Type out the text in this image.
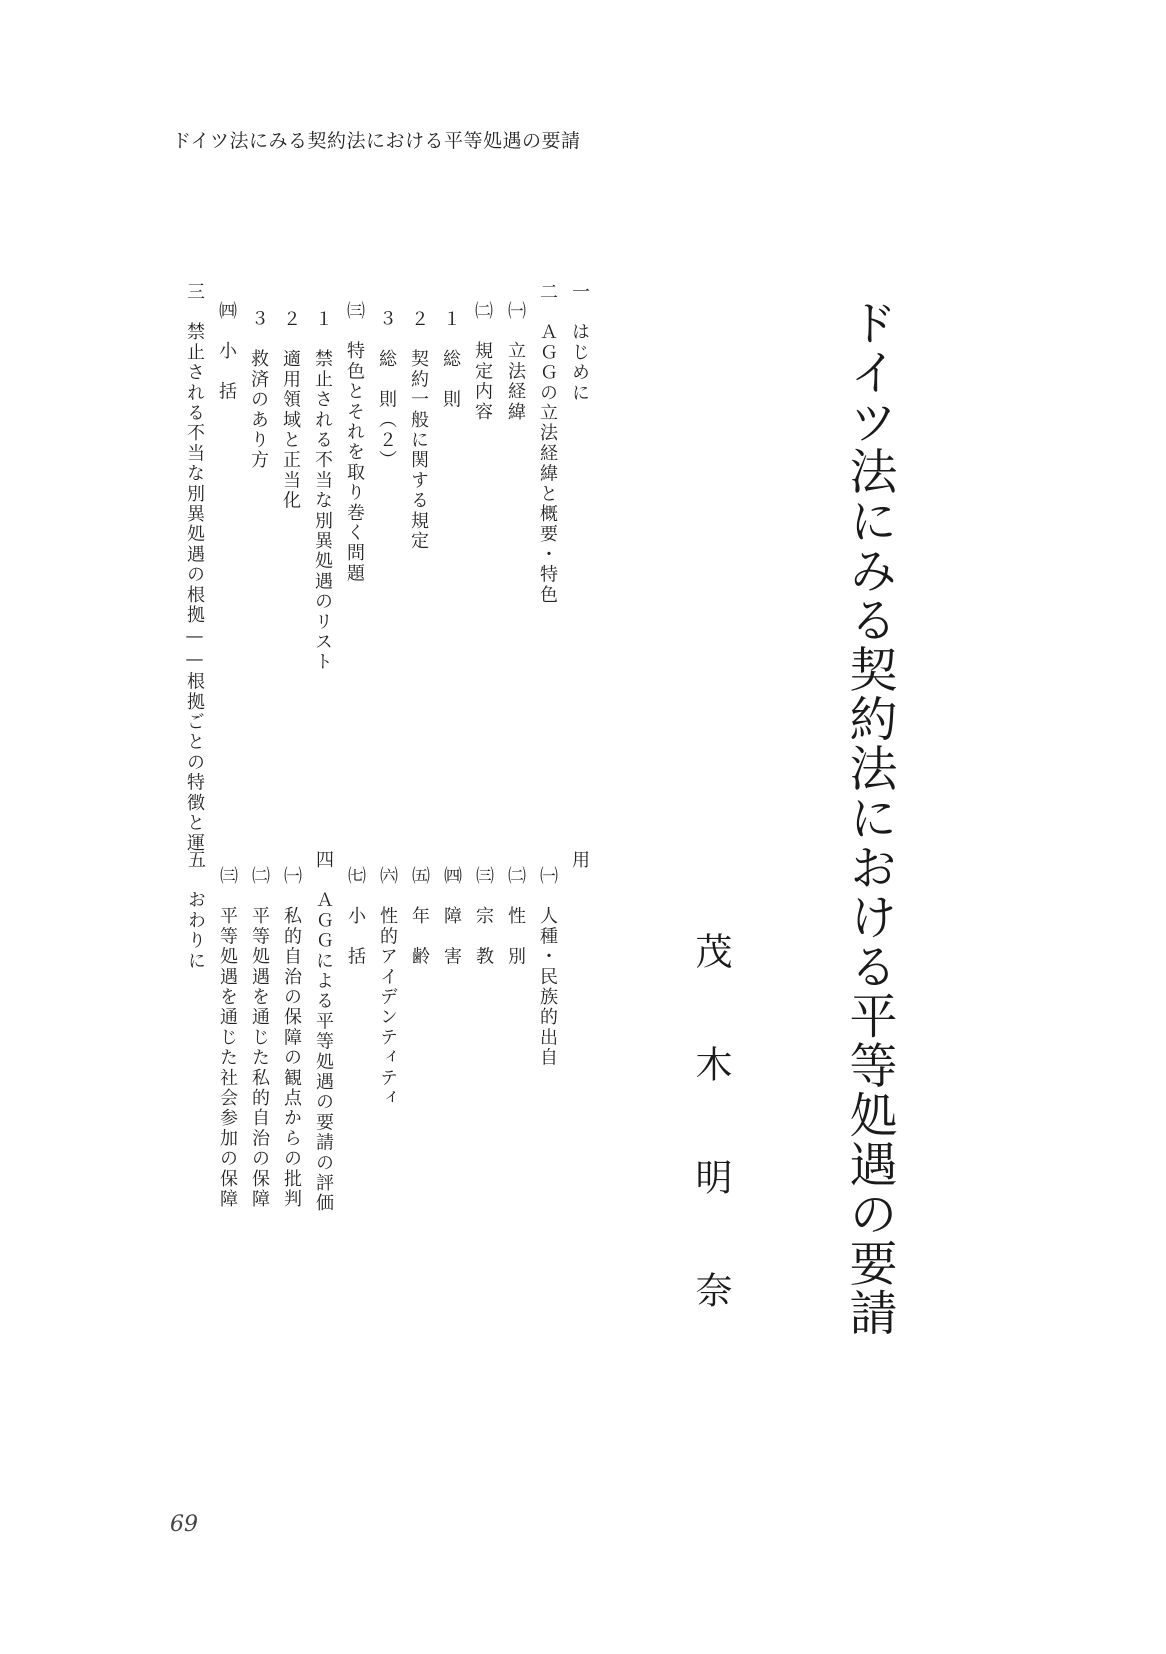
ドイツ法にみる契約法における平等処遇の要請
ドイツ法にみる契約法における平等処遇の要請
茂木明奈
一　はじめに
二　ＡＧＧの立法経緯と概要・特色
㈠　立法経緯
㈡　規定内容
１　総　則
２　契約一般に関する規定
３　総　則（２）
㈢　特色とそれを取り巻く問題
１　禁止される不当な別異処遇のリスト
２　適用領域と正当化
３　救済のあり方
㈣　小　括
三　禁止される不当な別異処遇の根拠——根拠ごとの特徴と運
用
㈠　人種・民族的出自
㈡　性　別
㈢　宗　教
㈣　障　害
㈤　年　齢
㈥　性的アイデンティティ
㈦　小　括
四　ＡＧＧによる平等処遇の要請の評価
㈠　私的自治の保障の観点からの批判
㈡　平等処遇を通じた私的自治の保障
㈢　平等処遇を通じた社会参加の保障
五　おわりに
69
